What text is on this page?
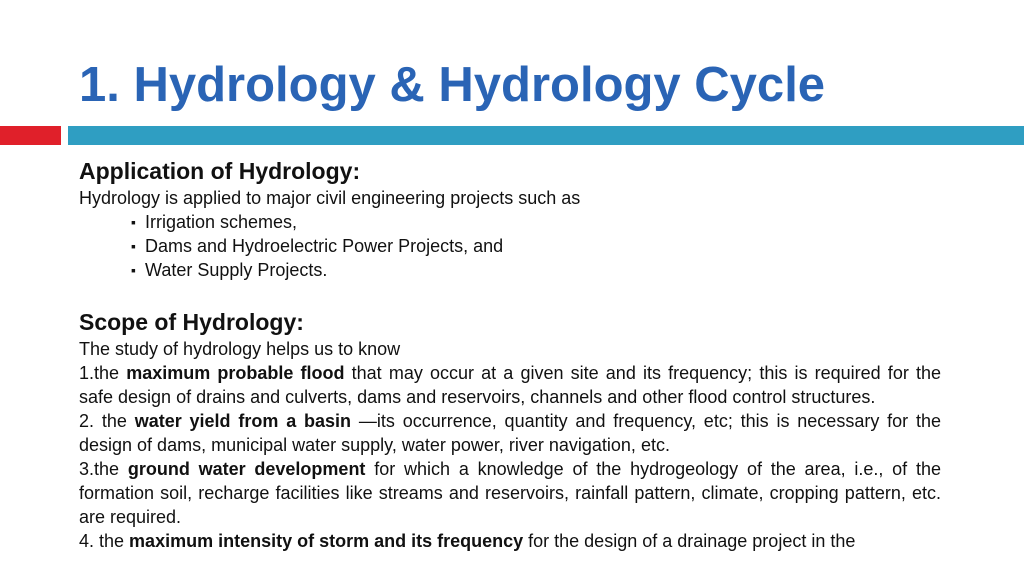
1. Hydrology & Hydrology Cycle
Application of Hydrology:

Hydrology is applied to major civil engineering projects such as

▪ Irrigation schemes,
▪ Dams and Hydroelectric Power Projects, and
▪ Water Supply Projects.
Scope of Hydrology:

The study of hydrology helps us to know

1.the maximum probable flood that may occur at a given site and its frequency; this is required for the safe design of drains and culverts, dams and reservoirs, channels and other flood control structures.

2. the water yield from a basin —its occurrence, quantity and frequency, etc; this is necessary for the design of dams, municipal water supply, water power, river navigation, etc.

3.the ground water development for which a knowledge of the hydrogeology of the area, i.e., of the formation soil, recharge facilities like streams and reservoirs, rainfall pattern, climate, cropping pattern, etc. are required.

4. the maximum intensity of storm and its frequency for the design of a drainage project in the
